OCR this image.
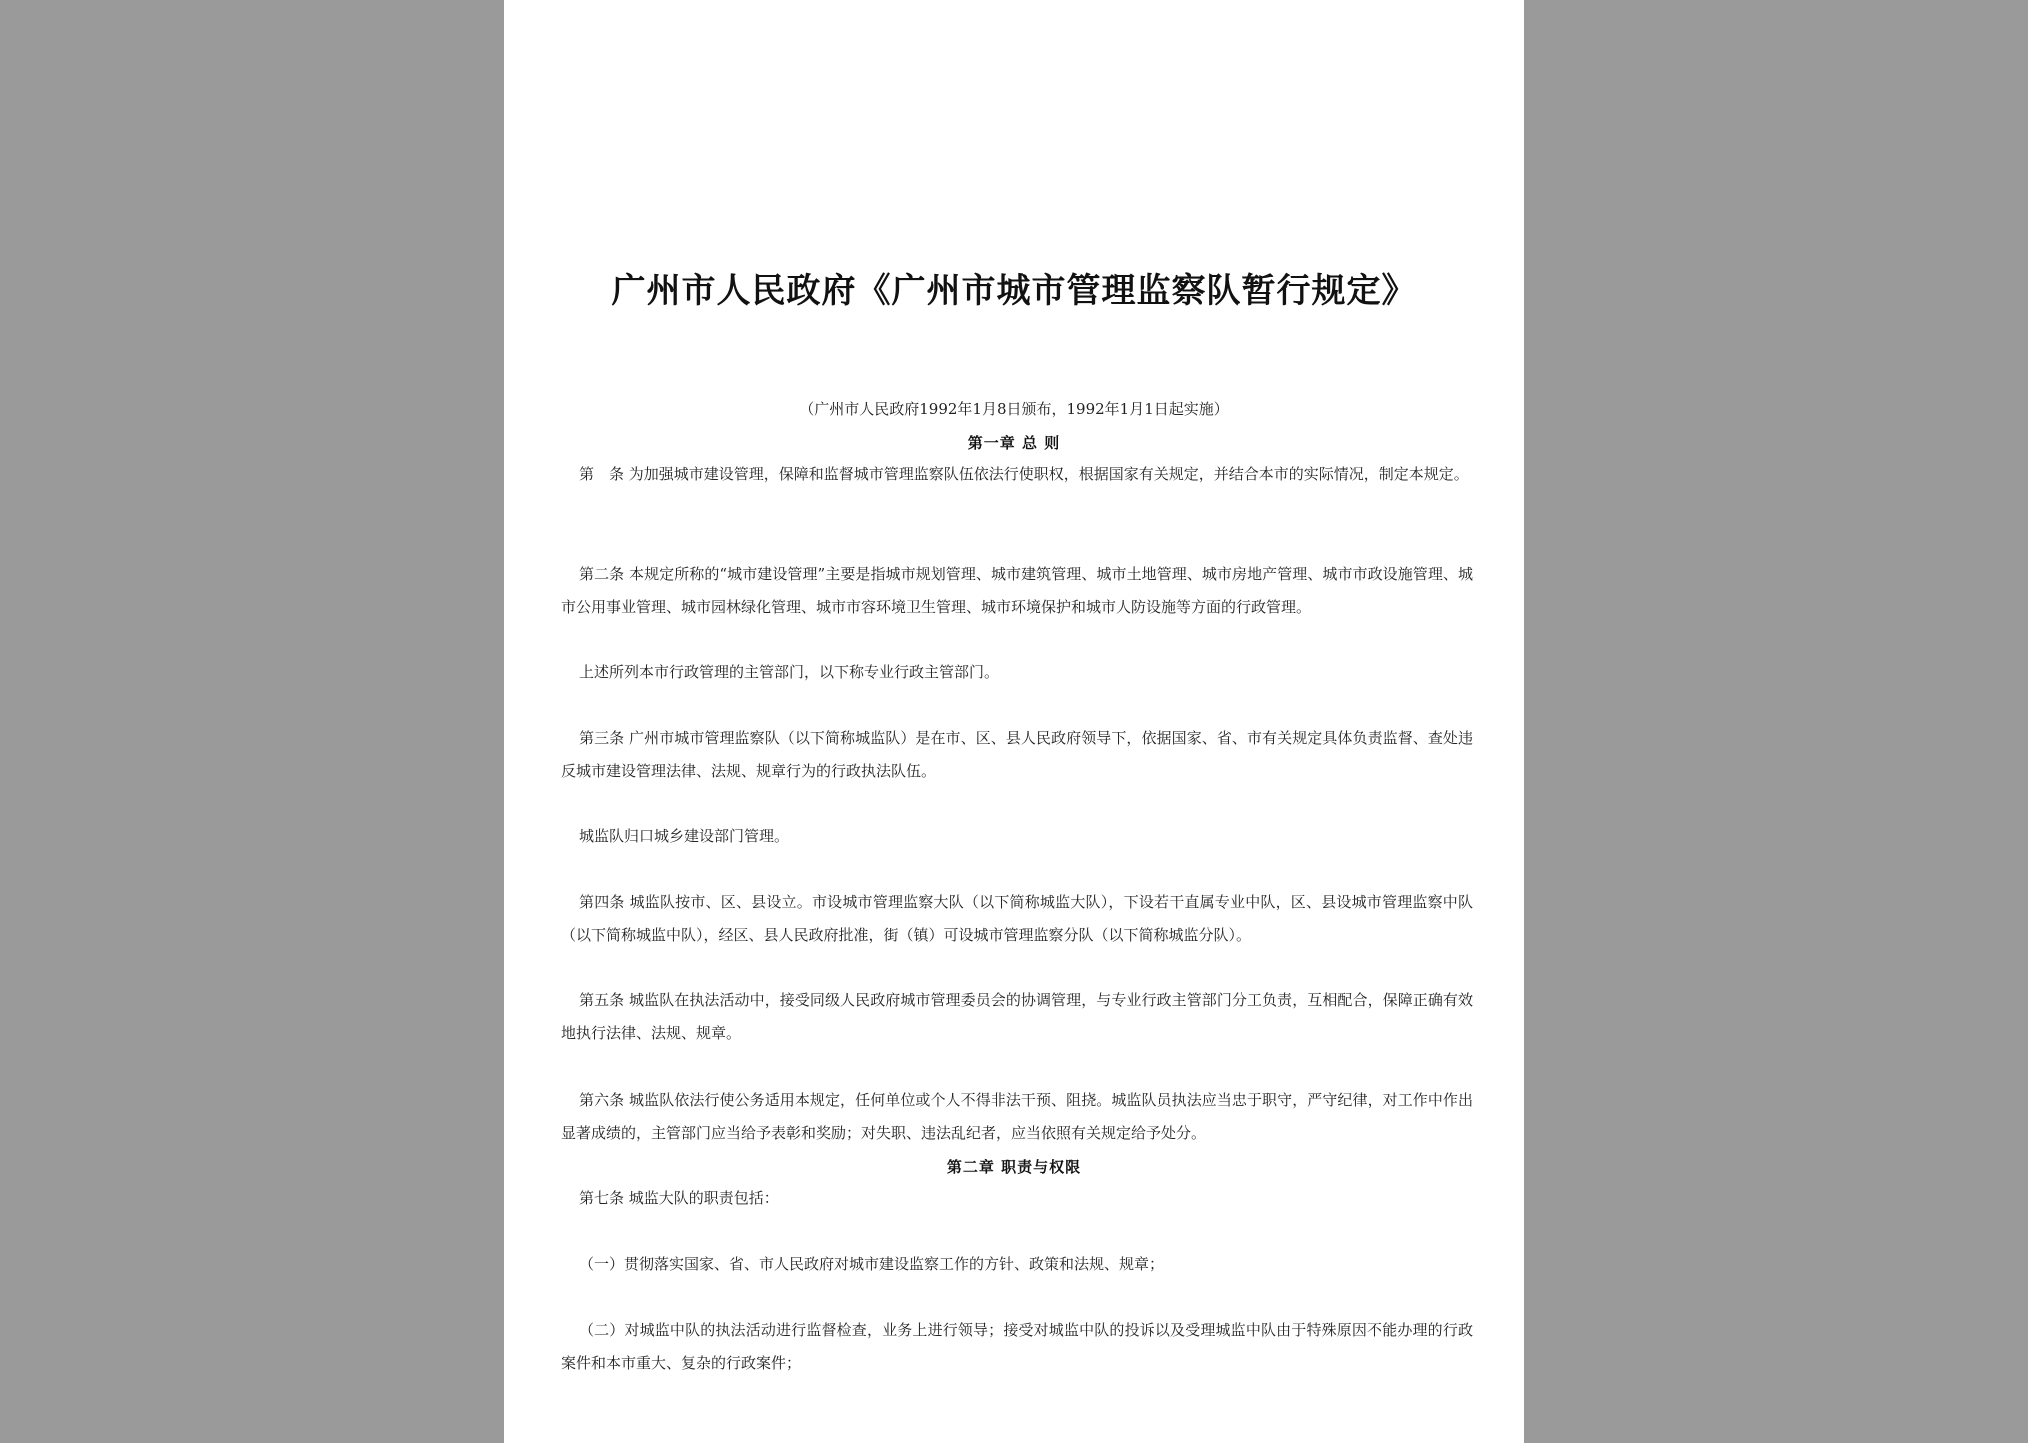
广州市人民政府《广州市城市管理监察队暂行规定》
（广州市人民政府1992年1月8日颁布，1992年1月1日起实施）
第一章 总 则
第　条 为加强城市建设管理，保障和监督城市管理监察队伍依法行使职权，根据国家有关规定，并结合本市的实际情况，制定本规定。
第二条 本规定所称的“城市建设管理”主要是指城市规划管理、城市建筑管理、城市土地管理、城市房地产管理、城市市政设施管理、城市公用事业管理、城市园林绿化管理、城市市容环境卫生管理、城市环境保护和城市人防设施等方面的行政管理。
上述所列本市行政管理的主管部门，以下称专业行政主管部门。
第三条 广州市城市管理监察队（以下简称城监队）是在市、区、县人民政府领导下，依据国家、省、市有关规定具体负责监督、查处违反城市建设管理法律、法规、规章行为的行政执法队伍。
城监队归口城乡建设部门管理。
第四条 城监队按市、区、县设立。市设城市管理监察大队（以下简称城监大队），下设若干直属专业中队，区、县设城市管理监察中队（以下简称城监中队），经区、县人民政府批准，街（镇）可设城市管理监察分队（以下简称城监分队）。
第五条 城监队在执法活动中，接受同级人民政府城市管理委员会的协调管理，与专业行政主管部门分工负责，互相配合，保障正确有效地执行法律、法规、规章。
第六条 城监队依法行使公务适用本规定，任何单位或个人不得非法干预、阻挠。城监队员执法应当忠于职守，严守纪律，对工作中作出显著成绩的，主管部门应当给予表彰和奖励；对失职、违法乱纪者，应当依照有关规定给予处分。
第二章 职责与权限
第七条 城监大队的职责包括：
（一）贯彻落实国家、省、市人民政府对城市建设监察工作的方针、政策和法规、规章；
（二）对城监中队的执法活动进行监督检查，业务上进行领导；接受对城监中队的投诉以及受理城监中队由于特殊原因不能办理的行政案件和本市重大、复杂的行政案件；
